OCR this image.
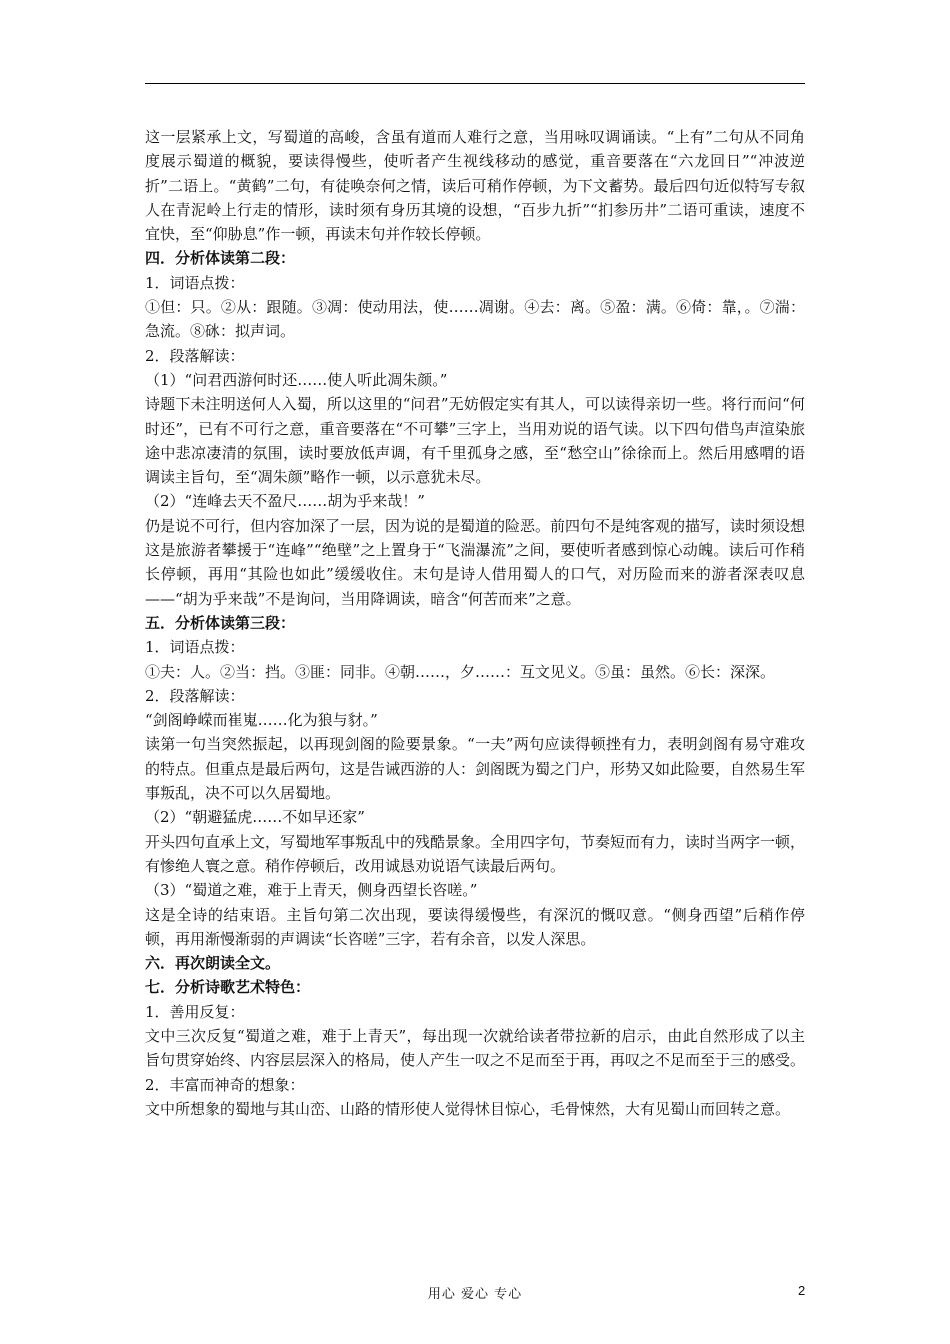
这一层紧承上文，写蜀道的高峻，含虽有道而人难行之意，当用咏叹调诵读。“上有”二句从不同角度展示蜀道的概貌，要读得慢些，使听者产生视线移动的感觉，重音要落在“六龙回日”“冲波逆折”二语上。“黄鹤”二句，有徒唤奈何之情，读后可稍作停顿，为下文蓄势。最后四句近似特写专叙人在青泥岭上行走的情形，读时须有身历其境的设想，“百步九折”“扪参历井”二语可重读，速度不宜快，至“仰胁息”作一顿，再读末句并作较长停顿。

四．分析体读第二段：

1．词语点拨：

①但：只。②从：跟随。③凋：使动用法，使……凋谢。④去：离。⑤盈：满。⑥倚：靠，。⑦湍：急流。⑧砯：拟声词。

2．段落解读：

（1）“问君西游何时还……使人听此凋朱颜。”

诗题下未注明送何人入蜀，所以这里的“问君”无妨假定实有其人，可以读得亲切一些。将行而问“何时还”，已有不可行之意，重音要落在“不可攀”三字上，当用劝说的语气读。以下四句借鸟声渲染旅途中悲凉凄清的氛围，读时要放低声调，有千里孤身之感，至“愁空山”徐徐而上。然后用感喟的语调读主旨句，至“凋朱颜”略作一顿，以示意犹未尽。

（2）“连峰去天不盈尺……胡为乎来哉！”

仍是说不可行，但内容加深了一层，因为说的是蜀道的险恶。前四句不是纯客观的描写，读时须设想这是旅游者攀援于“连峰”“绝壁”之上置身于“飞湍瀑流”之间，要使听者感到惊心动魄。读后可作稍长停顿，再用“其险也如此”缓缓收住。末句是诗人借用蜀人的口气，对历险而来的游者深表叹息——“胡为乎来哉”不是询问，当用降调读，暗含“何苦而来”之意。

五．分析体读第三段：

1．词语点拨：

①夫：人。②当：挡。③匪：同非。④朝……，夕……：互文见义。⑤虽：虽然。⑥长：深深。

2．段落解读：

“剑阁峥嵘而崔嵬……化为狼与豺。”

读第一句当突然振起，以再现剑阁的险要景象。“一夫”两句应读得顿挫有力，表明剑阁有易守难攻的特点。但重点是最后两句，这是告诫西游的人：剑阁既为蜀之门户，形势又如此险要，自然易生军事叛乱，决不可以久居蜀地。

（2）“朝避猛虎……不如早还家”

开头四句直承上文，写蜀地军事叛乱中的残酷景象。全用四字句，节奏短而有力，读时当两字一顿，有惨绝人寰之意。稍作停顿后，改用诚恳劝说语气读最后两句。

（3）“蜀道之难，难于上青天，侧身西望长咨嗟。”

这是全诗的结束语。主旨句第二次出现，要读得缓慢些，有深沉的慨叹意。“侧身西望”后稍作停顿，再用渐慢渐弱的声调读“长咨嗟”三字，若有余音，以发人深思。

六．再次朗读全文。

七．分析诗歌艺术特色：

1．善用反复：

文中三次反复“蜀道之难，难于上青天”，每出现一次就给读者带拉新的启示，由此自然形成了以主旨句贯穿始终、内容层层深入的格局，使人产生一叹之不足而至于再，再叹之不足而至于三的感受。

2．丰富而神奇的想象：

文中所想象的蜀地与其山峦、山路的情形使人觉得怵目惊心，毛骨悚然，大有见蜀山而回转之意。

用心 爱心 专心	2
